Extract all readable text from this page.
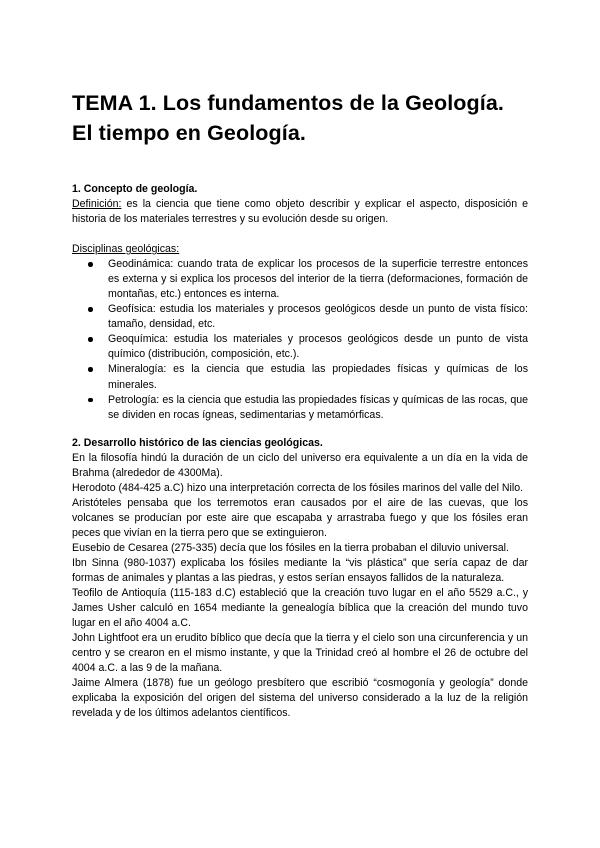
TEMA 1. Los fundamentos de la Geología. El tiempo en Geología.
1. Concepto de geología.

Definición: es la ciencia que tiene como objeto describir y explicar el aspecto, disposición e historia de los materiales terrestres y su evolución desde su origen.

Disciplinas geológicas:

Geodinámica: cuando trata de explicar los procesos de la superficie terrestre entonces es externa y si explica los procesos del interior de la tierra (deformaciones, formación de montañas, etc.) entonces es interna.
Geofísica: estudia los materiales y procesos geológicos desde un punto de vista físico: tamaño, densidad, etc.
Geoquímica: estudia los materiales y procesos geológicos desde un punto de vista químico (distribución, composición, etc.).
Mineralogía: es la ciencia que estudia las propiedades físicas y químicas de los minerales.
Petrología: es la ciencia que estudia las propiedades físicas y químicas de las rocas, que se dividen en rocas ígneas, sedimentarias y metamórficas.
2. Desarrollo histórico de las ciencias geológicas.

En la filosofía hindú la duración de un ciclo del universo era equivalente a un día en la vida de Brahma (alrededor de 4300Ma).

Herodoto (484-425 a.C) hizo una interpretación correcta de los fósiles marinos del valle del Nilo.

Aristóteles pensaba que los terremotos eran causados por el aire de las cuevas, que los volcanes se producían por este aire que escapaba y arrastraba fuego y que los fósiles eran peces que vivían en la tierra pero que se extinguieron.

Eusebio de Cesarea (275-335) decía que los fósiles en la tierra probaban el diluvio universal.

Ibn Sinna (980-1037) explicaba los fósiles mediante la “vis plástica” que sería capaz de dar formas de animales y plantas a las piedras, y estos serían ensayos fallidos de la naturaleza.

Teofilo de Antioquía (115-183 d.C) estableció que la creación tuvo lugar en el año 5529 a.C., y James Usher calculó en 1654 mediante la genealogía bíblica que la creación del mundo tuvo lugar en el año 4004 a.C.

John Lightfoot era un erudito bíblico que decía que la tierra y el cielo son una circunferencia y un centro y se crearon en el mismo instante, y que la Trinidad creó al hombre el 26 de octubre del 4004 a.C. a las 9 de la mañana.

Jaime Almera (1878) fue un geólogo presbítero que escribió “cosmogonía y geología” donde explicaba la exposición del origen del sistema del universo considerado a la luz de la religión revelada y de los últimos adelantos científicos.
